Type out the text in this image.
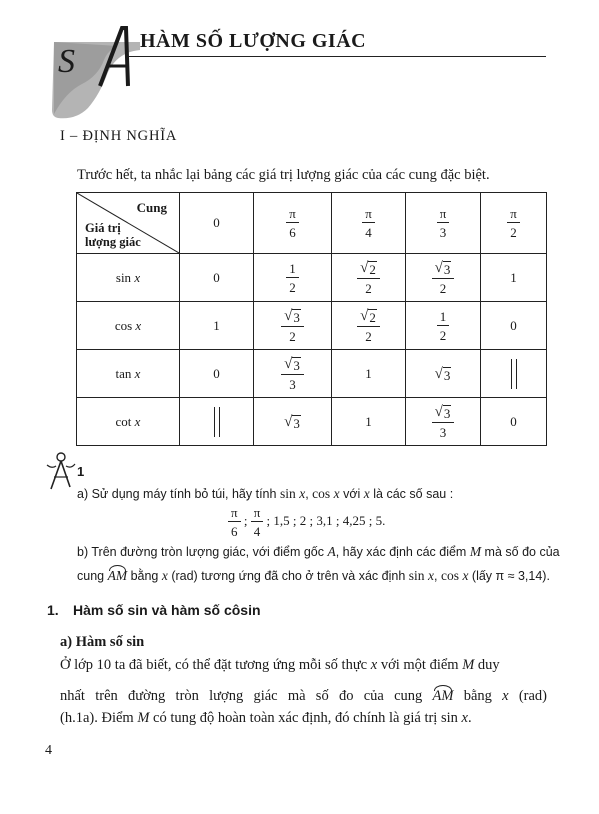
S
HÀM SỐ LƯỢNG GIÁC
I – ĐỊNH NGHĨA
Trước hết, ta nhắc lại bảng các giá trị lượng giác của các cung đặc biệt.
Cung
Giá trị
lượng giác	0	$\frac{\pi}{6}$	$\frac{\pi}{4}$	$\frac{\pi}{3}$	$\frac{\pi}{2}$

sin x	0	$\frac{1}{2}$	$\frac{√ 2}{2}$	$\frac{√ 3}{2}$	1
cos x	1	$\frac{√ 3}{2}$	$\frac{√ 2}{2}$	$\frac{1}{2}$	0
tan x	0	$\frac{√ 3}{3}$	1	√ 3	

cot x		√ 3	1	$\frac{√ 3}{3}$	0
1
a) Sử dụng máy tính bỏ túi, hãy tính sin x, cos x với x là các số sau :
$\frac{\pi}{6}$ ; $\frac{\pi}{4}$ ; 1,5 ; 2 ; 3,1 ; 4,25 ; 5.
b) Trên đường tròn lượng giác, với điểm gốc A, hãy xác định các điểm M mà số đo của
cung AM bằng x (rad) tương ứng đã cho ở trên và xác định sin x, cos x (lấy π ≈ 3,14).
1. Hàm số sin và hàm số côsin
a) Hàm số sin
Ở lớp 10 ta đã biết, có thể đặt tương ứng mỗi số thực x với một điểm M duy
nhất trên đường tròn lượng giác mà số đo của cung AM bằng x (rad)
(h.1a). Điểm M có tung độ hoàn toàn xác định, đó chính là giá trị sin x.
4
